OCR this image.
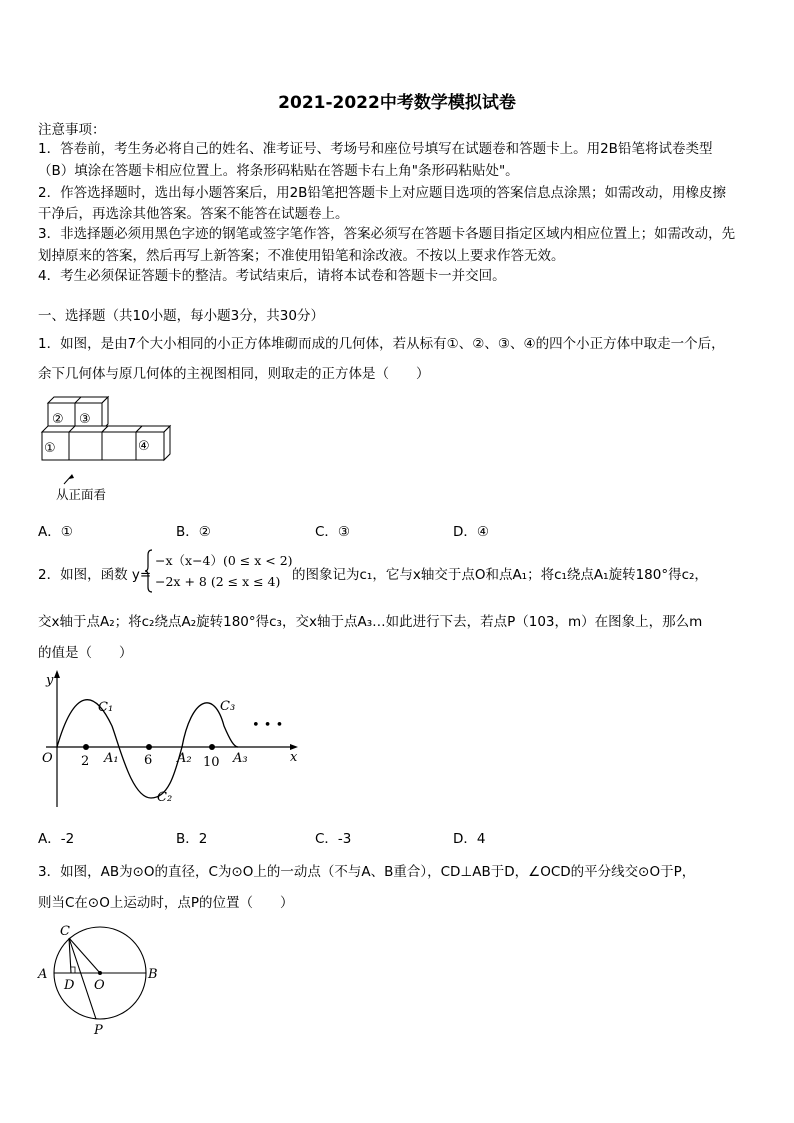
2021-2022中考数学模拟试卷
注意事项：
1．答卷前，考生务必将自己的姓名、准考证号、考场号和座位号填写在试题卷和答题卡上。用2B铅笔将试卷类型
（B）填涂在答题卡相应位置上。将条形码粘贴在答题卡右上角"条形码粘贴处"。
2．作答选择题时，选出每小题答案后，用2B铅笔把答题卡上对应题目选项的答案信息点涂黑；如需改动，用橡皮擦
干净后，再选涂其他答案。答案不能答在试题卷上。
3．非选择题必须用黑色字迹的钢笔或签字笔作答，答案必须写在答题卡各题目指定区域内相应位置上；如需改动，先
划掉原来的答案，然后再写上新答案；不准使用铅笔和涂改液。不按以上要求作答无效。
4．考生必须保证答题卡的整洁。考试结束后，请将本试卷和答题卡一并交回。
一、选择题（共10小题，每小题3分，共30分）
1．如图，是由7个大小相同的小正方体堆砌而成的几何体，若从标有①、②、③、④的四个小正方体中取走一个后，
余下几何体与原几何体的主视图相同，则取走的正方体是（　　）
② ③
①	④
从正面看
A．①	B．②	C．③	D．④
2．如图，函数 y=
−x（x−4）(0 ≤ x < 2)
−2x + 8 (2 ≤ x ≤ 4) 的图象记为c₁，它与x轴交于点O和点A₁；将c₁绕点A₁旋转180°得c₂，
交x轴于点A₂；将c₂绕点A₂旋转180°得c₃，交x轴于点A₃…如此进行下去，若点P（103，m）在图象上，那么m
的值是（　　）
• • •
y
x
O 2	6	10
A₁	A₂	A₃
C₁
C₂
C₃
A．-2	B．2	C．-3	D．4
3．如图，AB为⊙O的直径，C为⊙O上的一动点（不与A、B重合），CD⊥AB于D，∠OCD的平分线交⊙O于P，
则当C在⊙O上运动时，点P的位置（　　）
C
A	B
D O
P
